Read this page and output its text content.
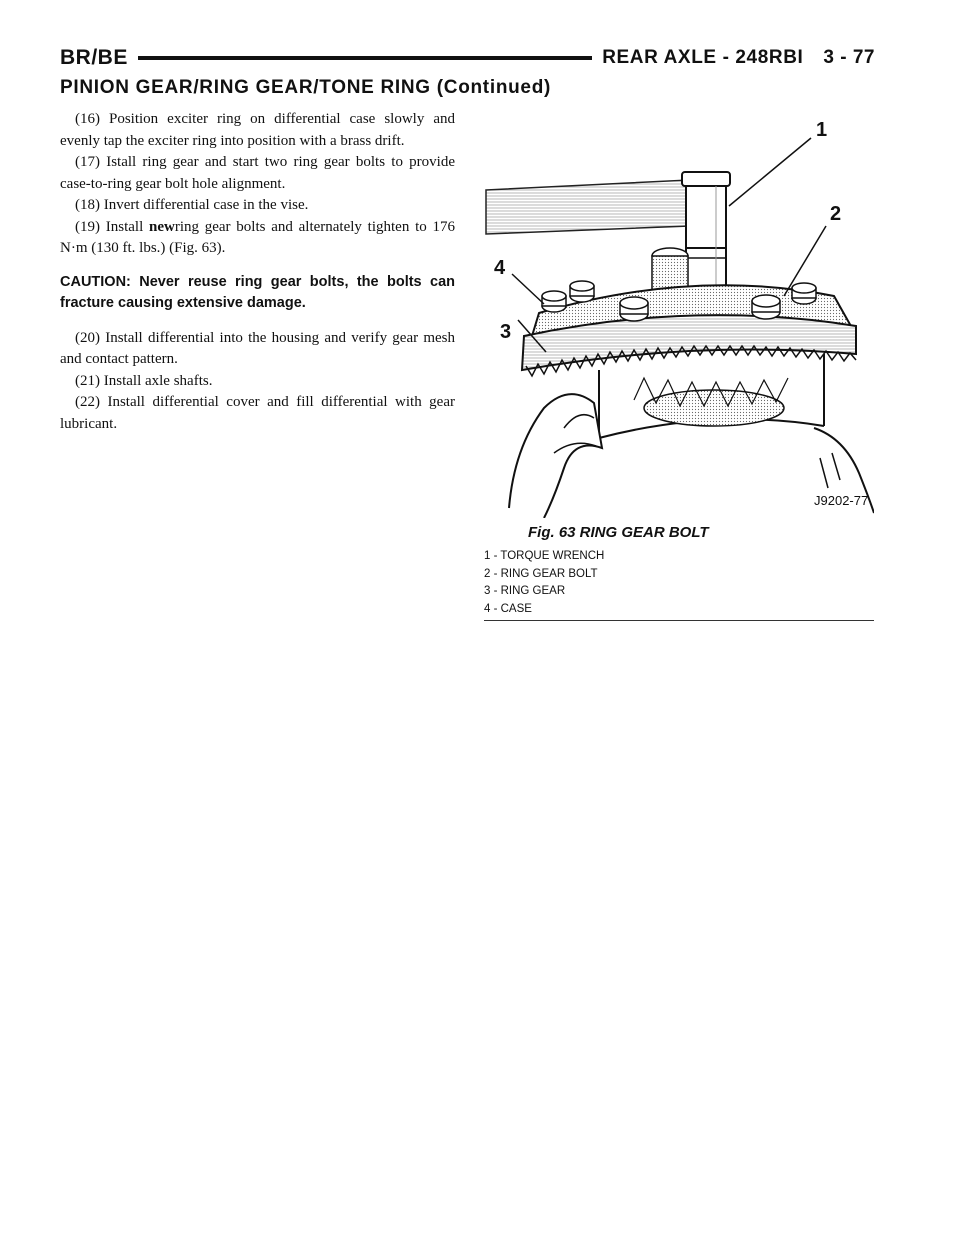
BR/BE	REAR AXLE - 248RBI 3 - 77
PINION GEAR/RING GEAR/TONE RING (Continued)

(16) Position exciter ring on differential case slowly and evenly tap the exciter ring into position with a brass drift.

(17) Istall ring gear and start two ring gear bolts to provide case-to-ring gear bolt hole alignment.

(18) Invert differential case in the vise.

(19) Install newring gear bolts and alternately tighten to 176 N·m (130 ft. lbs.) (Fig. 63).

CAUTION: Never reuse ring gear bolts, the bolts can fracture causing extensive damage.

(20) Install differential into the housing and verify gear mesh and contact pattern.

(21) Install axle shafts.

(22) Install differential cover and fill differential with gear lubricant.

1
2
3
4
J9202-77
Fig. 63 RING GEAR BOLT
1 - TORQUE WRENCH
2 - RING GEAR BOLT
3 - RING GEAR
4 - CASE
